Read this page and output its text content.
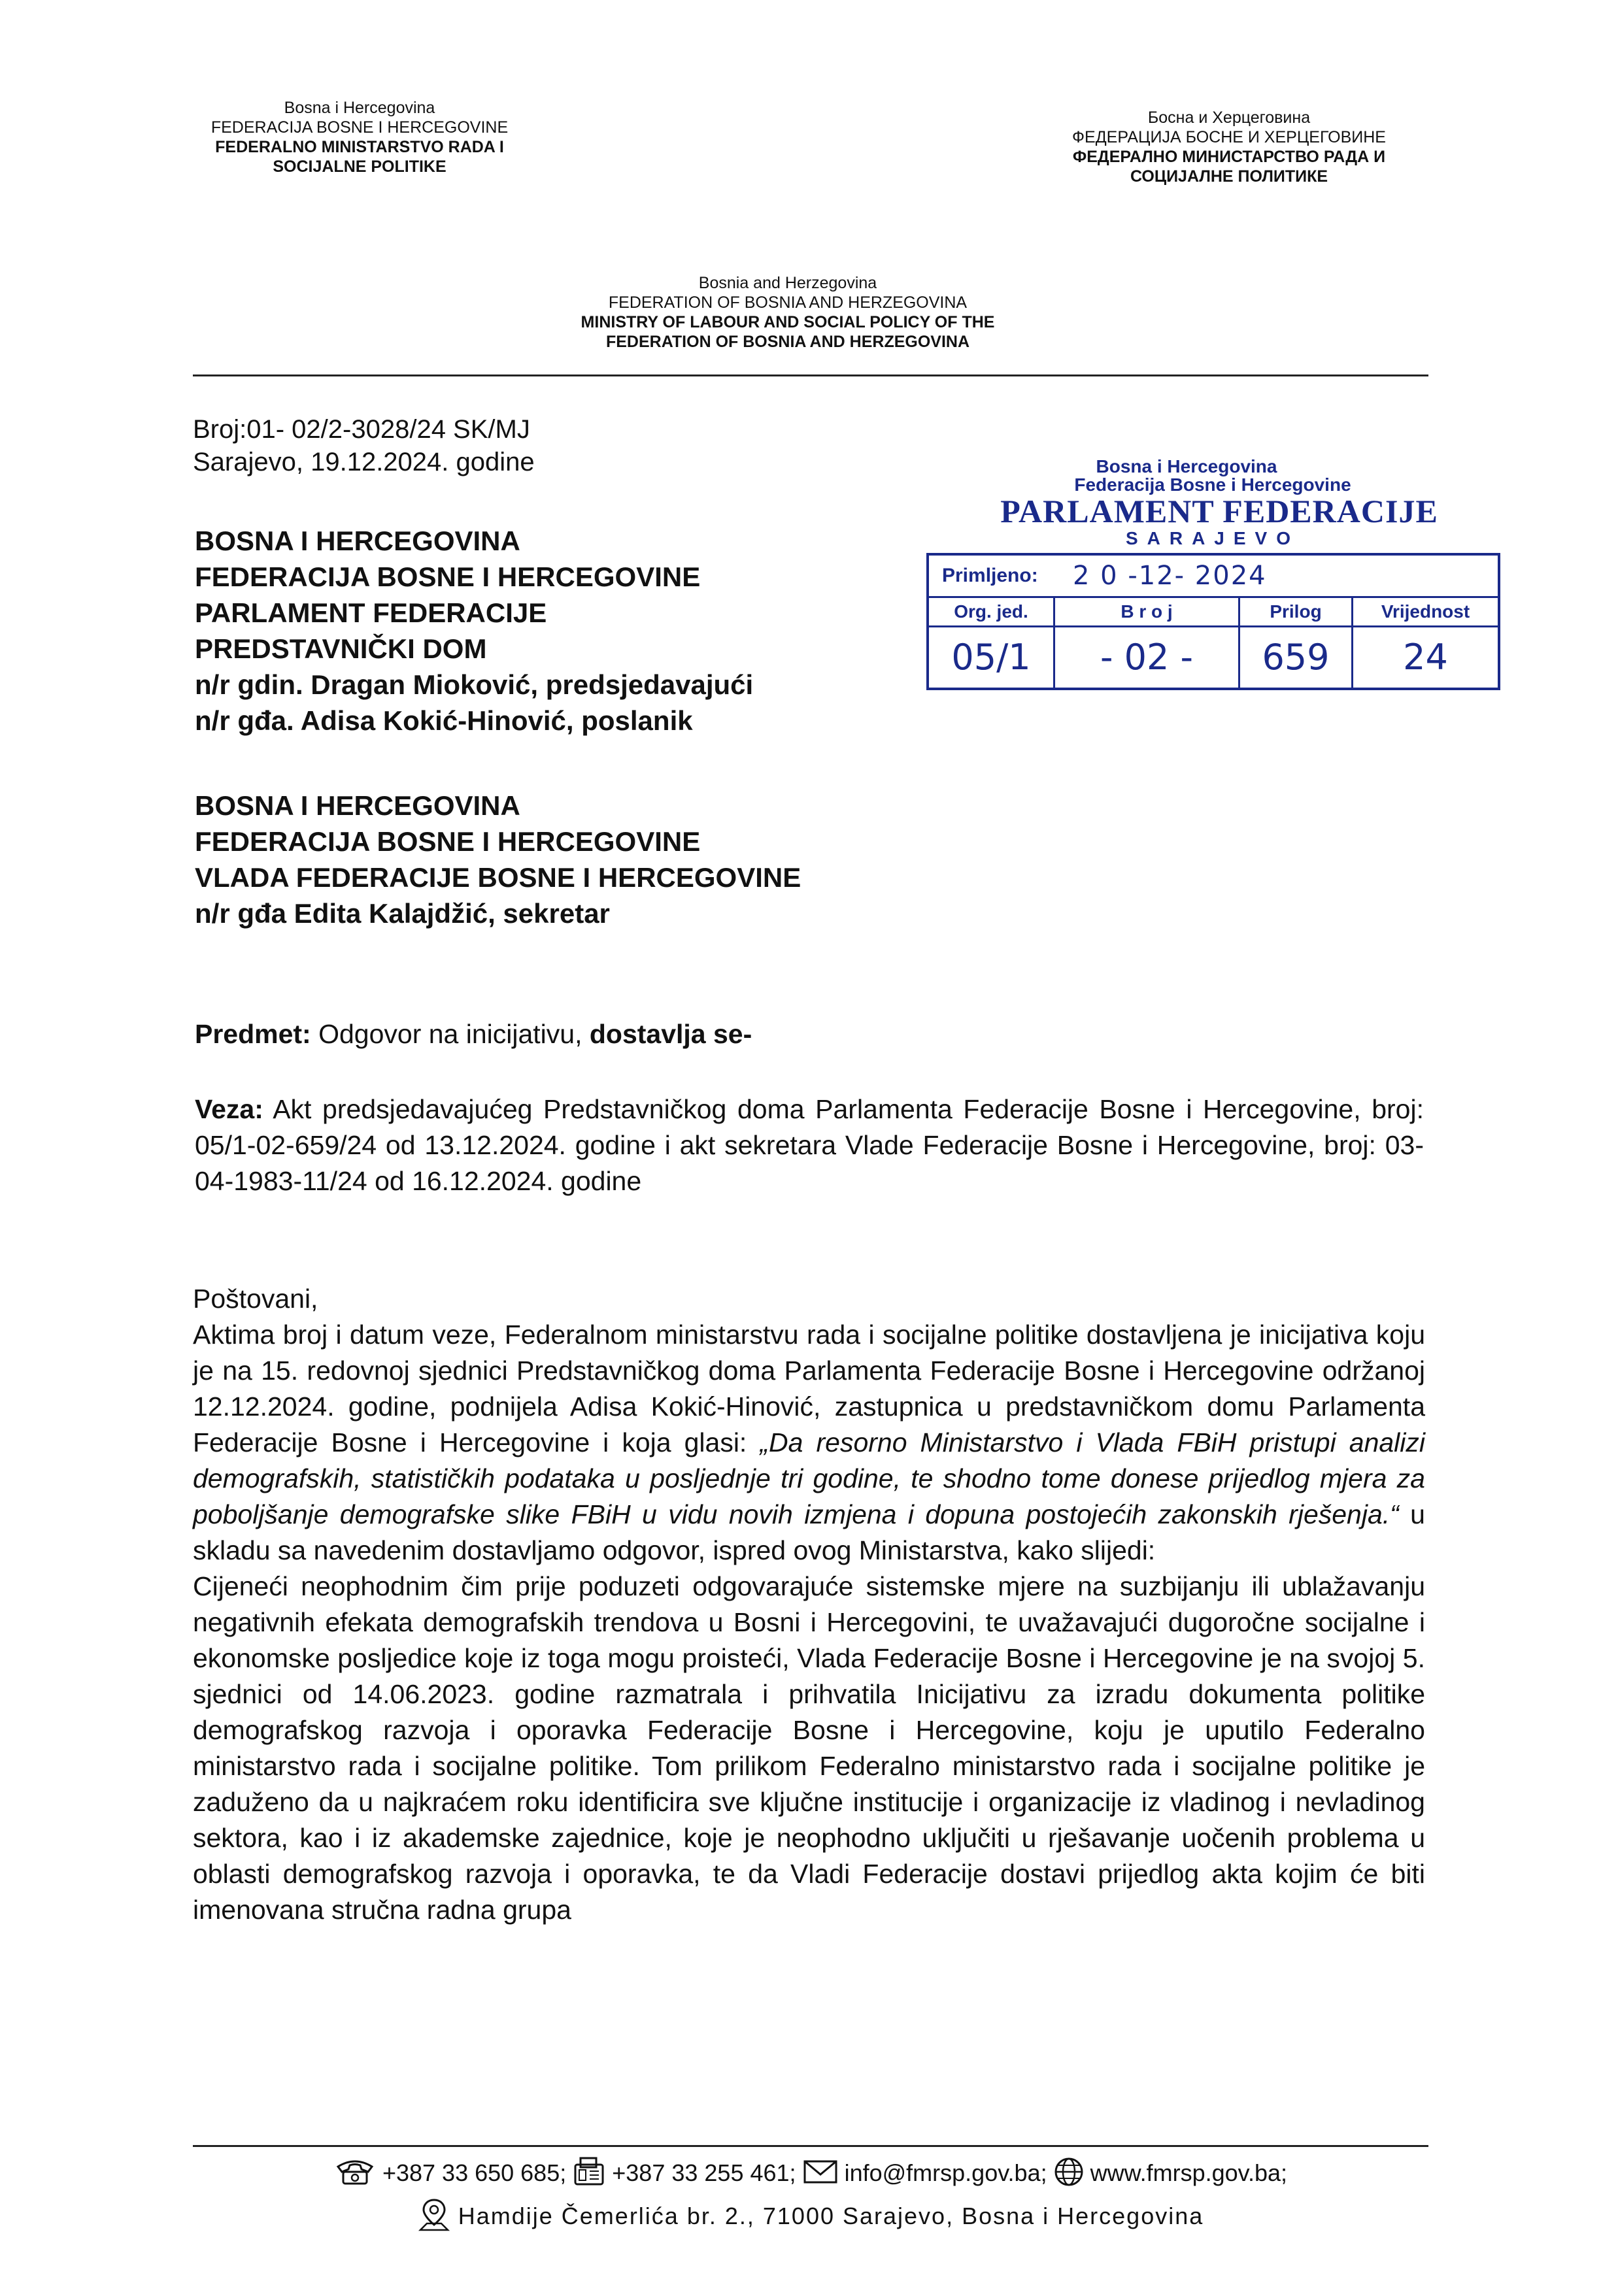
Bosna i Hercegovina
FEDERACIJA BOSNE I HERCEGOVINE
FEDERALNO MINISTARSTVO RADA I
SOCIJALNE POLITIKE
Босна и Херцеговина
ФЕДЕРАЦИЈА БОСНЕ И ХЕРЦЕГОВИНЕ
ФЕДЕРАЛНО МИНИСТАРСТВО РАДА И
СОЦИЈАЛНЕ ПОЛИТИКЕ
Bosnia and Herzegovina
FEDERATION OF BOSNIA AND HERZEGOVINA
MINISTRY OF LABOUR AND SOCIAL POLICY OF THE
FEDERATION OF BOSNIA AND HERZEGOVINA
Broj:01- 02/2-3028/24 SK/MJ
Sarajevo, 19.12.2024. godine	Bosna i Hercegovina
Federacija Bosne i Hercegovine
PARLAMENT FEDERACIJE
SARAJEVO
Primljeno:	2 0 -12- 2024
Org. jed.	B r o j	Prilog	Vrijednost
05/1	- 02 -	659	24
BOSNA I HERCEGOVINA
FEDERACIJA BOSNE I HERCEGOVINE
PARLAMENT FEDERACIJE
PREDSTAVNIČKI DOM
n/r gdin. Dragan Mioković, predsjedavajući
n/r gđa. Adisa Kokić-Hinović, poslanik
BOSNA I HERCEGOVINA
FEDERACIJA BOSNE I HERCEGOVINE
VLADA FEDERACIJE BOSNE I HERCEGOVINE
n/r gđa Edita Kalajdžić, sekretar
Predmet: Odgovor na inicijativu, dostavlja se-
Veza: Akt predsjedavajućeg Predstavničkog doma Parlamenta Federacije Bosne i Hercegovine, broj: 05/1-02-659/24 od 13.12.2024. godine i akt sekretara Vlade Federacije Bosne i Hercegovine, broj: 03-04-1983-11/24 od 16.12.2024. godine

Poštovani,

Aktima broj i datum veze, Federalnom ministarstvu rada i socijalne politike dostavljena je inicijativa koju je na 15. redovnoj sjednici Predstavničkog doma Parlamenta Federacije Bosne i Hercegovine održanoj 12.12.2024. godine, podnijela Adisa Kokić-Hinović, zastupnica u predstavničkom domu Parlamenta Federacije Bosne i Hercegovine i koja glasi: „Da resorno Ministarstvo i Vlada FBiH pristupi analizi demografskih, statističkih podataka u posljednje tri godine, te shodno tome donese prijedlog mjera za poboljšanje demografske slike FBiH u vidu novih izmjena i dopuna postojećih zakonskih rješenja.“ u skladu sa navedenim dostavljamo odgovor, ispred ovog Ministarstva, kako slijedi:

Cijeneći neophodnim čim prije poduzeti odgovarajuće sistemske mjere na suzbijanju ili ublažavanju negativnih efekata demografskih trendova u Bosni i Hercegovini, te uvažavajući dugoročne socijalne i ekonomske posljedice koje iz toga mogu proisteći, Vlada Federacije Bosne i Hercegovine je na svojoj 5. sjednici od 14.06.2023. godine razmatrala i prihvatila Inicijativu za izradu dokumenta politike demografskog razvoja i oporavka Federacije Bosne i Hercegovine, koju je uputilo Federalno ministarstvo rada i socijalne politike. Tom prilikom Federalno ministarstvo rada i socijalne politike je zaduženo da u najkraćem roku identificira sve ključne institucije i organizacije iz vladinog i nevladinog sektora, kao i iz akademske zajednice, koje je neophodno uključiti u rješavanje uočenih problema u oblasti demografskog razvoja i oporavka, te da Vladi Federacije dostavi prijedlog akta kojim će biti imenovana stručna radna grupa

+387 33 650 685; +387 33 255 461; info@fmrsp.gov.ba; www.fmrsp.gov.ba;
Hamdije Čemerlića br. 2., 71000 Sarajevo, Bosna i Hercegovina
